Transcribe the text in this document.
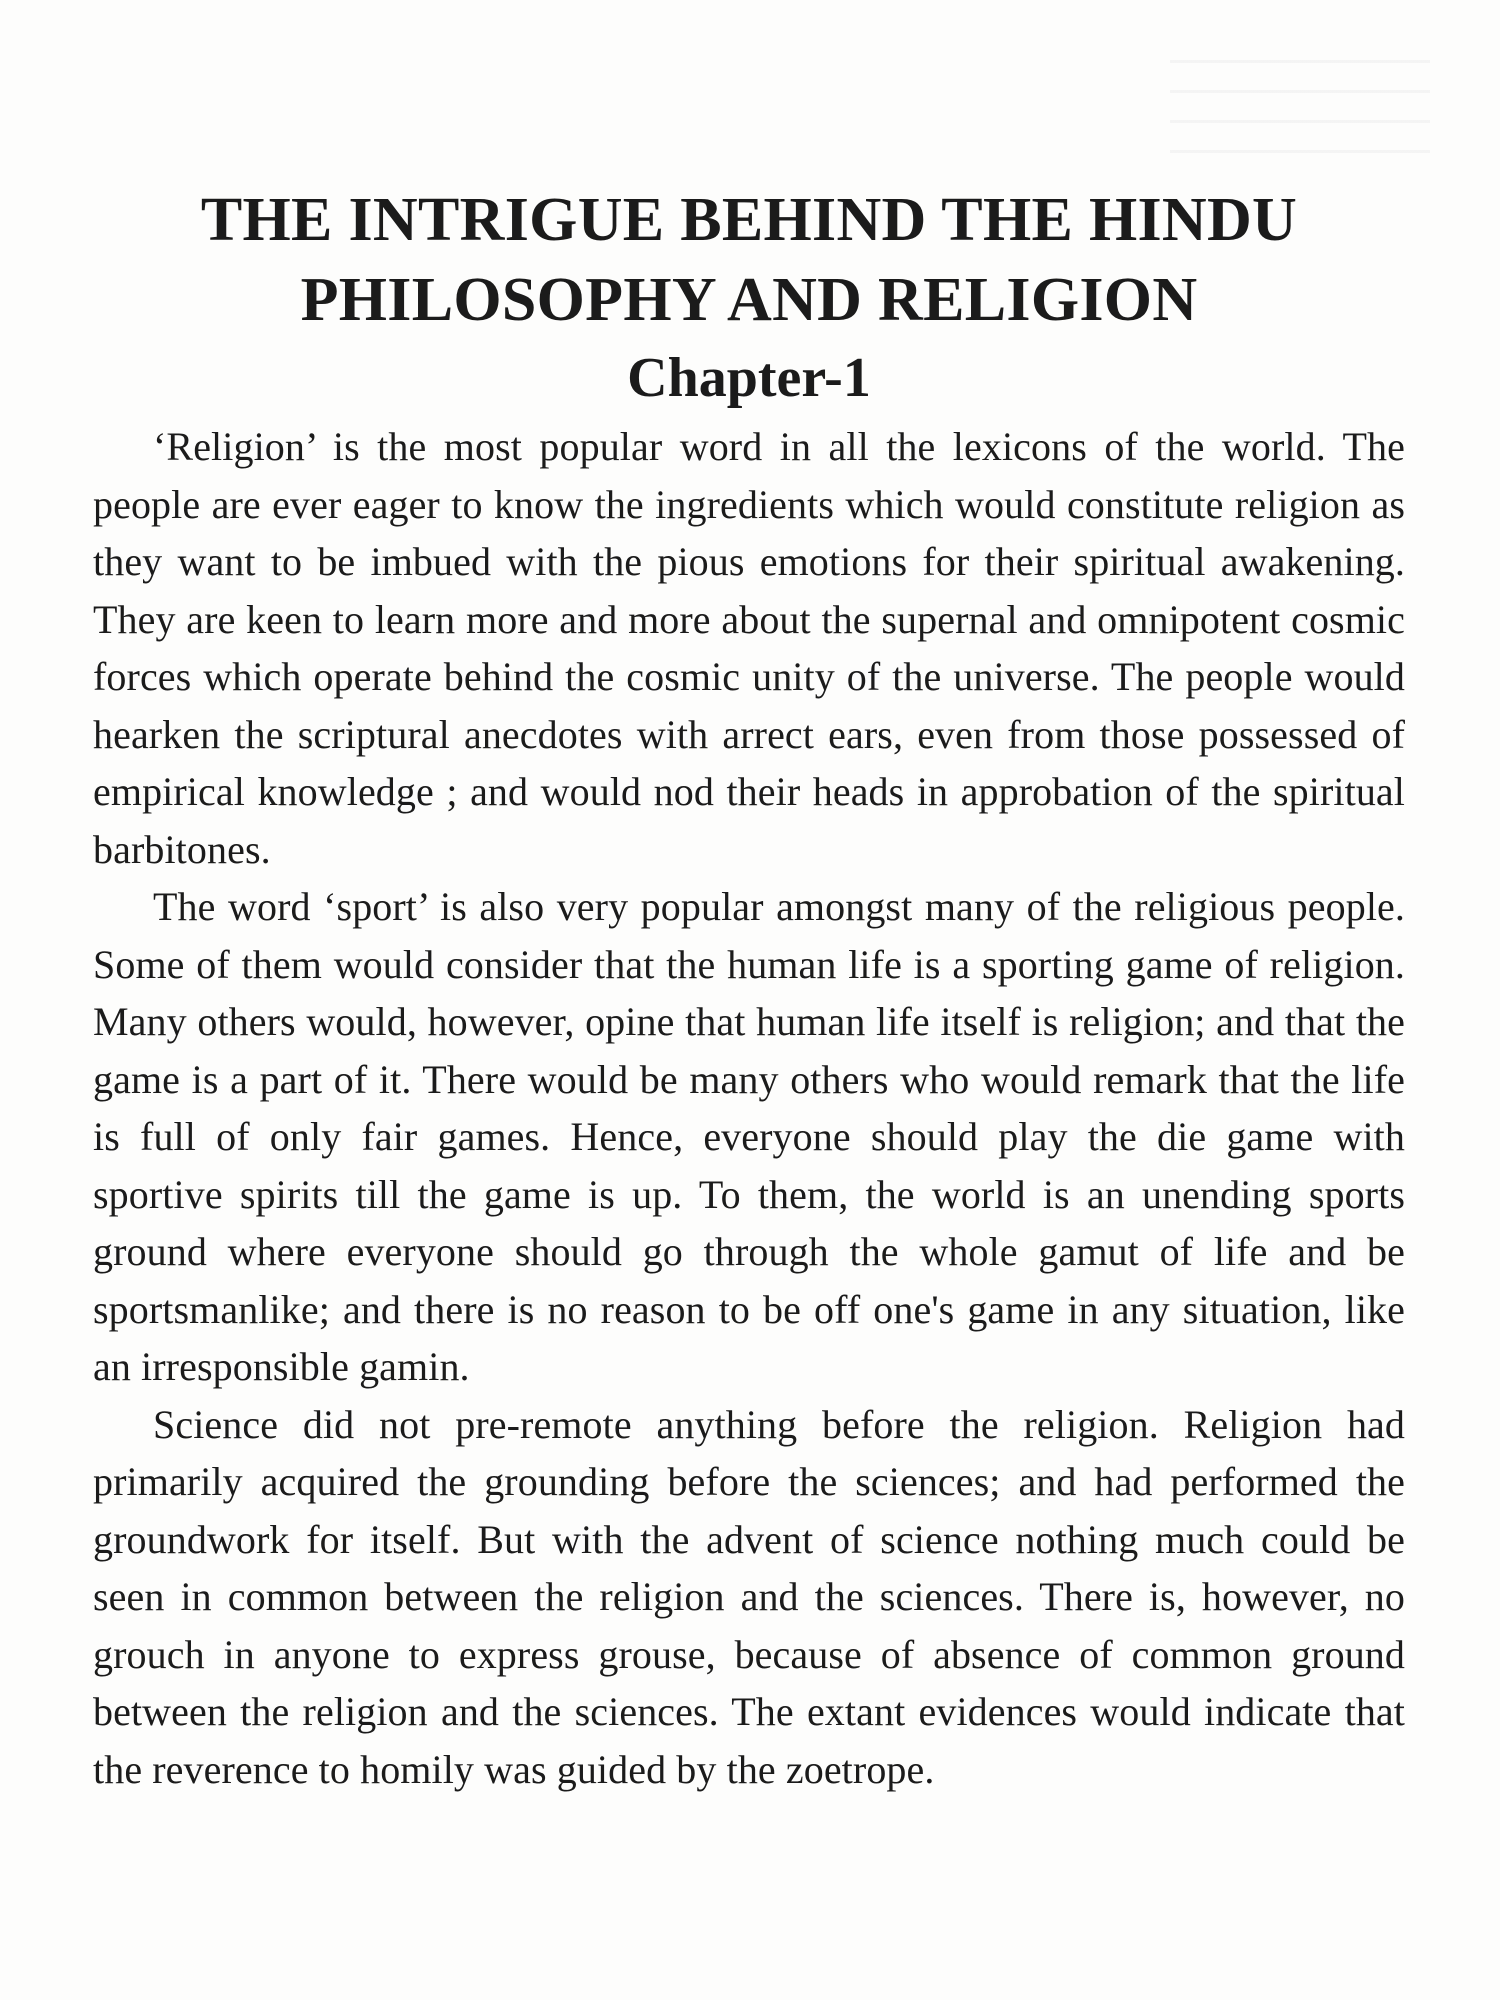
THE INTRIGUE BEHIND THE HINDU
PHILOSOPHY AND RELIGION
Chapter-1

‘Religion’ is the most popular word in all the lexicons of the world. The people are ever eager to know the ingredients which would constitute religion as they want to be imbued with the pious emotions for their spiritual awakening. They are keen to learn more and more about the supernal and omnipotent cosmic forces which operate behind the cosmic unity of the universe. The people would hearken the scriptural anecdotes with arrect ears, even from those possessed of empirical knowledge ; and would nod their heads in approbation of the spiritual barbitones.

The word ‘sport’ is also very popular amongst many of the religious people. Some of them would consider that the human life is a sporting game of religion. Many others would, however, opine that human life itself is religion; and that the game is a part of it. There would be many others who would remark that the life is full of only fair games. Hence, everyone should play the die game with sportive spirits till the game is up. To them, the world is an unending sports ground where everyone should go through the whole gamut of life and be sportsmanlike; and there is no reason to be off one's game in any situation, like an irresponsible gamin.

Science did not pre-remote anything before the religion. Religion had primarily acquired the grounding before the sciences; and had performed the groundwork for itself. But with the advent of science nothing much could be seen in common between the religion and the sciences. There is, however, no grouch in anyone to express grouse, because of absence of common ground between the religion and the sciences. The extant evidences would indicate that the reverence to homily was guided by the zoetrope.
